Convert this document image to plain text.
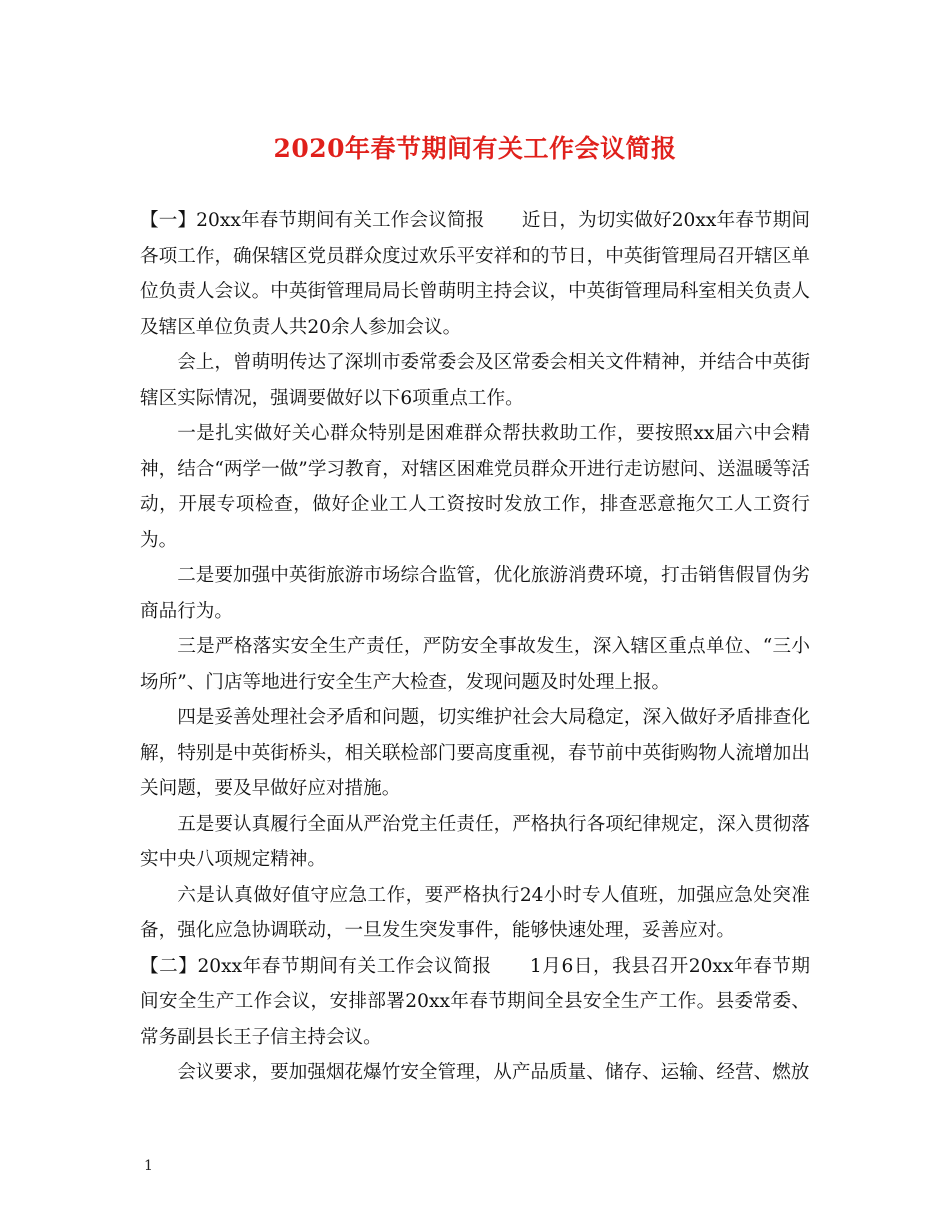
2020年春节期间有关工作会议简报

【一】20xx年春节期间有关工作会议简报　　近日，为切实做好20xx年春节期间各项工作，确保辖区党员群众度过欢乐平安祥和的节日，中英街管理局召开辖区单位负责人会议。中英街管理局局长曾萌明主持会议，中英街管理局科室相关负责人及辖区单位负责人共20余人参加会议。

会上，曾萌明传达了深圳市委常委会及区常委会相关文件精神，并结合中英街辖区实际情况，强调要做好以下6项重点工作。

一是扎实做好关心群众特别是困难群众帮扶救助工作，要按照xx届六中会精神，结合“两学一做”学习教育，对辖区困难党员群众开进行走访慰问、送温暖等活动，开展专项检查，做好企业工人工资按时发放工作，排查恶意拖欠工人工资行为。

二是要加强中英街旅游市场综合监管，优化旅游消费环境，打击销售假冒伪劣商品行为。

三是严格落实安全生产责任，严防安全事故发生，深入辖区重点单位、“三小场所”、门店等地进行安全生产大检查，发现问题及时处理上报。

四是妥善处理社会矛盾和问题，切实维护社会大局稳定，深入做好矛盾排查化解，特别是中英街桥头，相关联检部门要高度重视，春节前中英街购物人流增加出关问题，要及早做好应对措施。

五是要认真履行全面从严治党主任责任，严格执行各项纪律规定，深入贯彻落实中央八项规定精神。

六是认真做好值守应急工作，要严格执行24小时专人值班，加强应急处突准备，强化应急协调联动，一旦发生突发事件，能够快速处理，妥善应对。

【二】20xx年春节期间有关工作会议简报　　1月6日，我县召开20xx年春节期间安全生产工作会议，安排部署20xx年春节期间全县安全生产工作。县委常委、常务副县长王子信主持会议。

会议要求，要加强烟花爆竹安全管理，从产品质量、储存、运输、经营、燃放

1
